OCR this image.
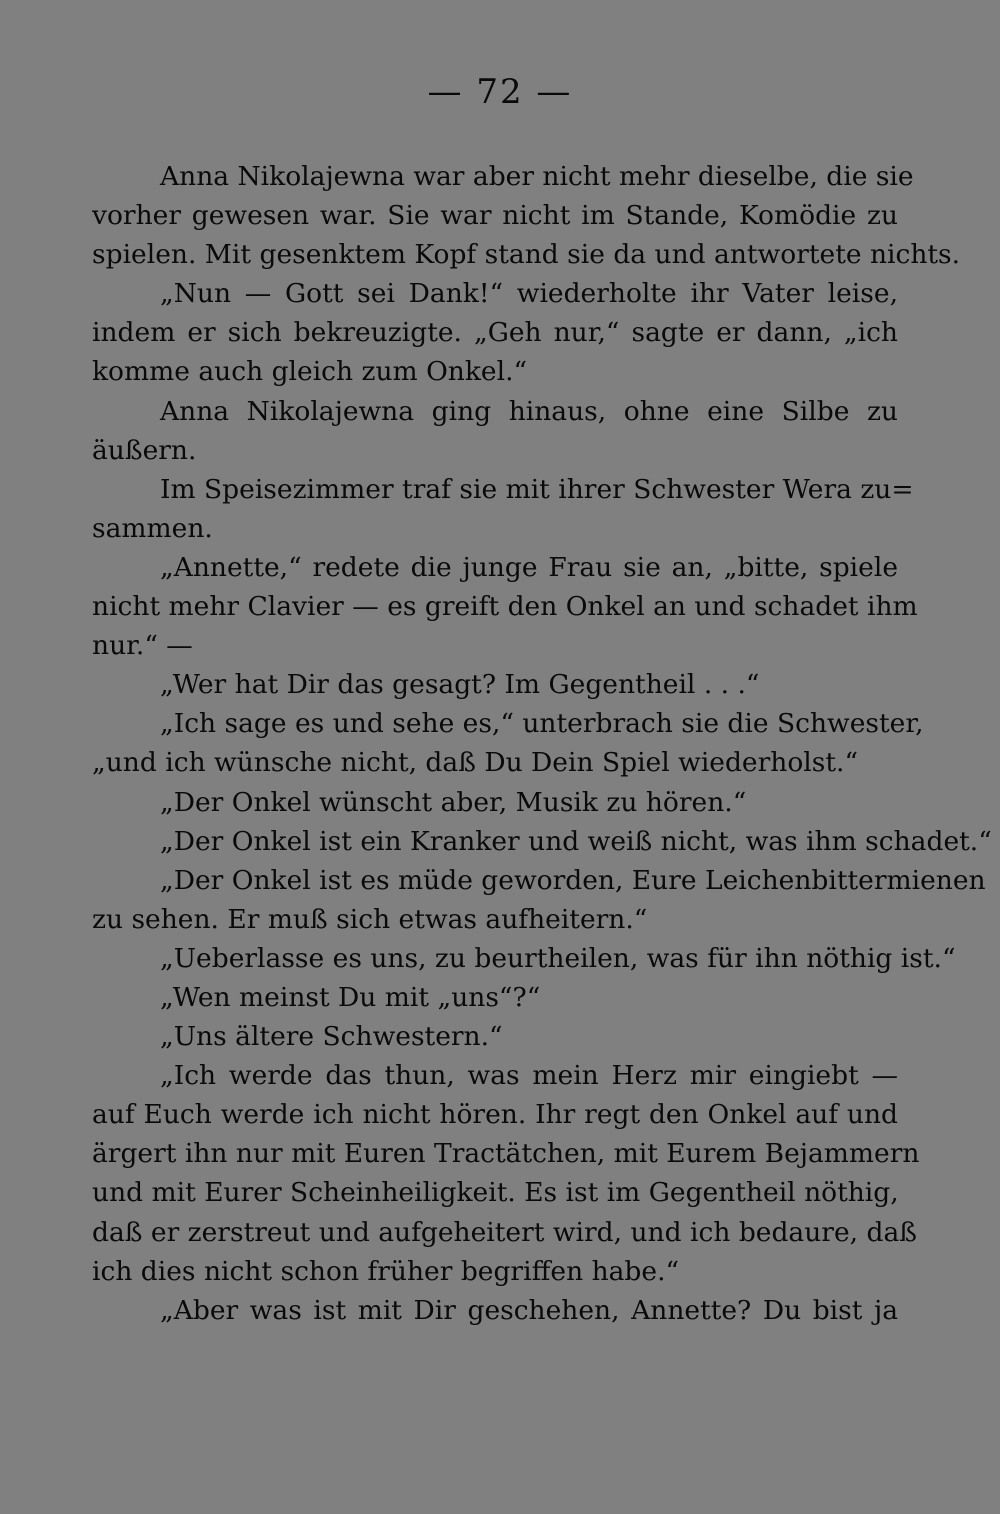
— 72 —
Anna Nikolajewna war aber nicht mehr dieselbe, die sie
vorher gewesen war. Sie war nicht im Stande, Komödie zu
spielen. Mit gesenktem Kopf stand sie da und antwortete nichts.
„Nun — Gott sei Dank!“ wiederholte ihr Vater leise,
indem er sich bekreuzigte. „Geh nur,“ sagte er dann, „ich
komme auch gleich zum Onkel.“
Anna Nikolajewna ging hinaus, ohne eine Silbe zu
äußern.
Im Speisezimmer traf sie mit ihrer Schwester Wera zu=
sammen.
„Annette,“ redete die junge Frau sie an, „bitte, spiele
nicht mehr Clavier — es greift den Onkel an und schadet ihm
nur.“ —
„Wer hat Dir das gesagt? Im Gegentheil . . .“
„Ich sage es und sehe es,“ unterbrach sie die Schwester,
„und ich wünsche nicht, daß Du Dein Spiel wiederholst.“
„Der Onkel wünscht aber, Musik zu hören.“
„Der Onkel ist ein Kranker und weiß nicht, was ihm schadet.“
„Der Onkel ist es müde geworden, Eure Leichenbittermienen
zu sehen. Er muß sich etwas aufheitern.“
„Ueberlasse es uns, zu beurtheilen, was für ihn nöthig ist.“
„Wen meinst Du mit „uns“?“
„Uns ältere Schwestern.“
„Ich werde das thun, was mein Herz mir eingiebt —
auf Euch werde ich nicht hören. Ihr regt den Onkel auf und
ärgert ihn nur mit Euren Tractätchen, mit Eurem Bejammern
und mit Eurer Scheinheiligkeit. Es ist im Gegentheil nöthig,
daß er zerstreut und aufgeheitert wird, und ich bedaure, daß
ich dies nicht schon früher begriffen habe.“
„Aber was ist mit Dir geschehen, Annette? Du bist ja
